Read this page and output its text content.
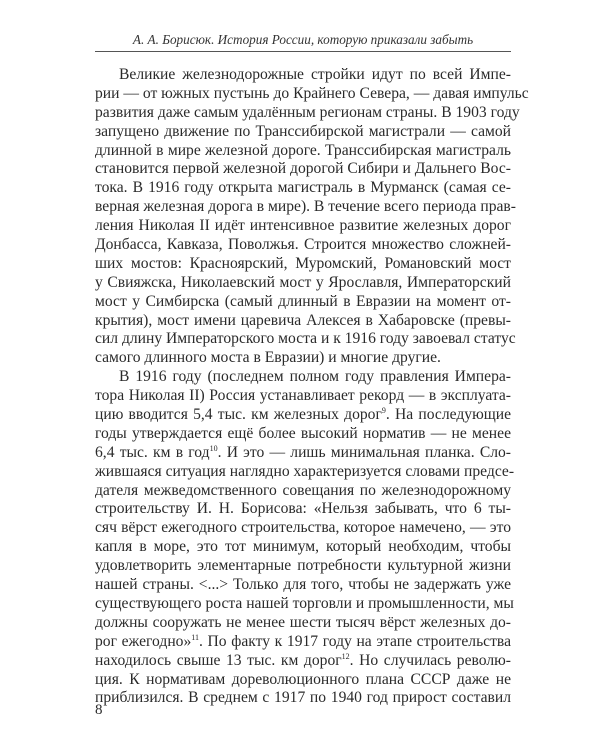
А. А. Борисюк. История России, которую приказали забыть
Великие железнодорожные стройки идут по всей Импе-
рии — от южных пустынь до Крайнего Севера, — давая импульс
развития даже самым удалённым регионам страны. В 1903 году
запущено движение по Транссибирской магистрали — самой
длинной в мире железной дороге. Транссибирская магистраль
становится первой железной дорогой Сибири и Дальнего Вос-
тока. В 1916 году открыта магистраль в Мурманск (самая се-
верная железная дорога в мире). В течение всего периода прав-
ления Николая II идёт интенсивное развитие железных дорог
Донбасса, Кавказа, Поволжья. Строится множество сложней-
ших мостов: Красноярский, Муромский, Романовский мост
у Свияжска, Николаевский мост у Ярославля, Императорский
мост у Симбирска (самый длинный в Евразии на момент от-
крытия), мост имени царевича Алексея в Хабаровске (превы-
сил длину Императорского моста и к 1916 году завоевал статус
самого длинного моста в Евразии) и многие другие.
В 1916 году (последнем полном году правления Импера-
тора Николая II) Россия устанавливает рекорд — в эксплуата-
цию вводится 5,4 тыс. км железных дорог$^9$. На последующие
годы утверждается ещё более высокий норматив — не менее
6,4 тыс. км в год$^{10}$. И это — лишь минимальная планка. Сло-
жившаяся ситуация наглядно характеризуется словами предсе-
дателя межведомственного совещания по железнодорожному
строительству И. Н. Борисова: «Нельзя забывать, что 6 ты-
сяч вёрст ежегодного строительства, которое намечено, — это
капля в море, это тот минимум, который необходим, чтобы
удовлетворить элементарные потребности культурной жизни
нашей страны. <...> Только для того, чтобы не задержать уже
существующего роста нашей торговли и промышленности, мы
должны сооружать не менее шести тысяч вёрст железных до-
рог ежегодно»$^{11}$. По факту к 1917 году на этапе строительства
находилось свыше 13 тыс. км дорог$^{12}$. Но случилась револю-
ция. К нормативам дореволюционного плана СССР даже не
приблизился. В среднем с 1917 по 1940 год прирост составил
8
